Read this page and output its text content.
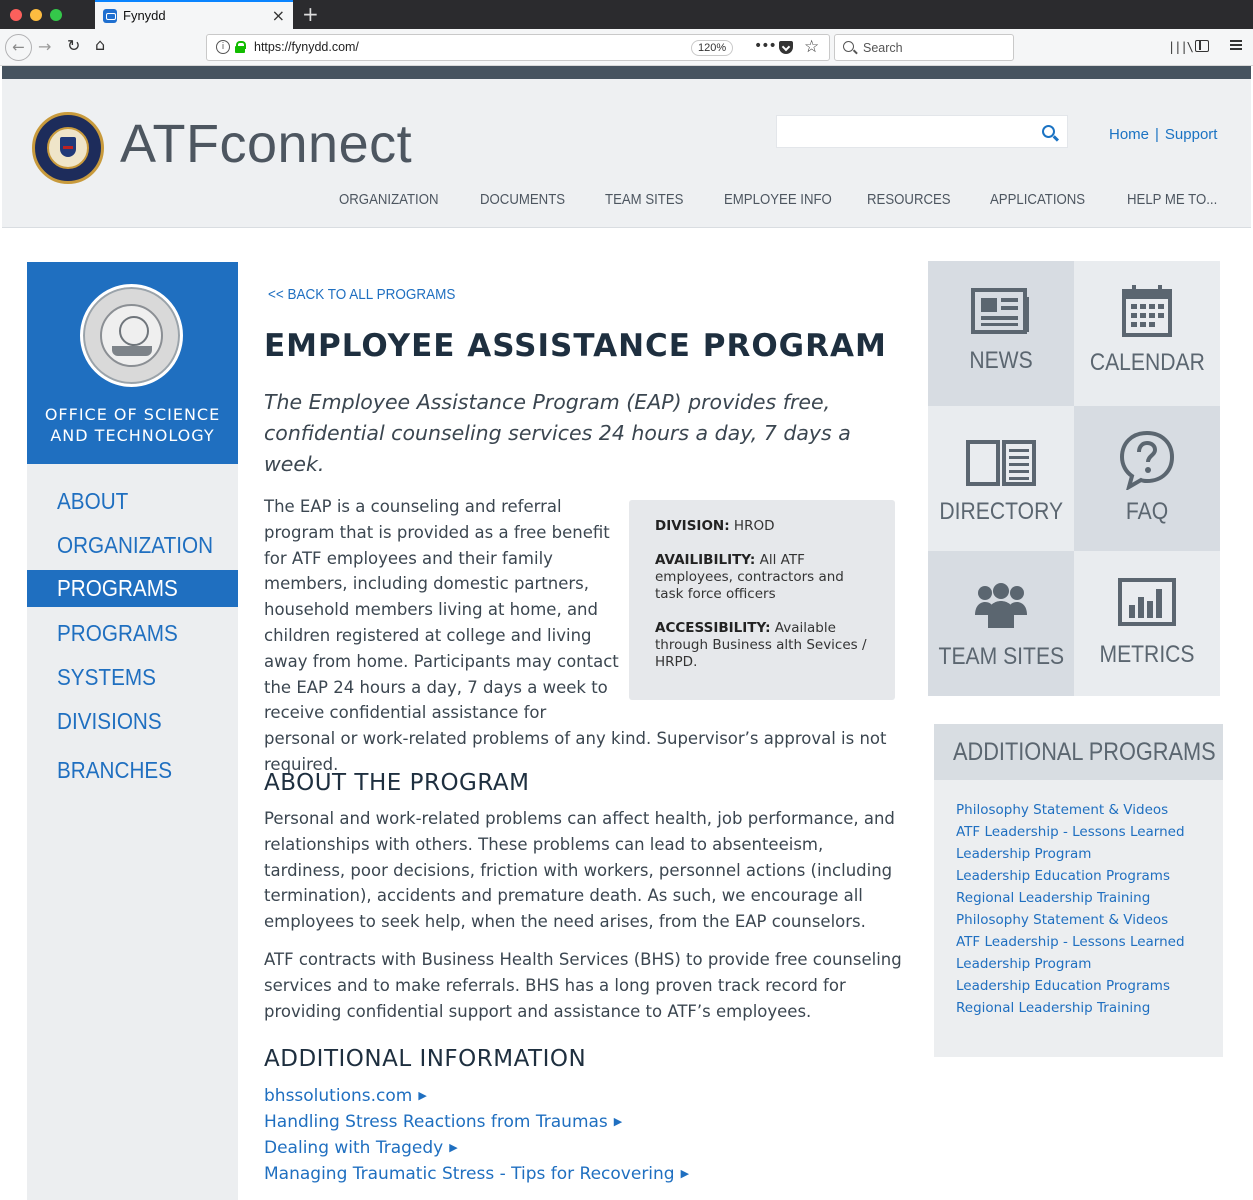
Fynydd	× +
← → ↻ ⌂	i	https://fynydd.com/	120%	••• ☆	Search	|||\
ATFconnect	Home | Support
ORGANIZATION	DOCUMENTS	TEAM SITES	EMPLOYEE INFO RESOURCES	APPLICATIONS	HELP ME TO...
OFFICE OF SCIENCE
AND TECHNOLOGY
ABOUT
ORGANIZATION
PROGRAMS
PROGRAMS
SYSTEMS
DIVISIONS
BRANCHES
<< BACK TO ALL PROGRAMS
EMPLOYEE ASSISTANCE PROGRAM
The Employee Assistance Program (EAP) provides free, confidential counseling services 24 hours a day, 7 days a week.
The EAP is a counseling and referral program that is provided as a free benefit for ATF employees and their family members, including domestic partners, household members living at home, and children registered at college and living away from home. Participants may contact the EAP 24 hours a day, 7 days a week to receive confidential assistance for personal or work-related problems of any kind. Supervisor’s approval is not required.

DIVISION: HROD

AVAILIBILITY: All ATF employees, contractors and task force officers

ACCESSIBILITY: Available through Business alth Sevices / HRPD.

ABOUT THE PROGRAM
Personal and work-related problems can affect health, job performance, and relationships with others. These problems can lead to absenteeism, tardiness, poor decisions, friction with workers, personnel actions (including termination), accidents and premature death. As such, we encourage all employees to seek help, when the need arises, from the EAP counselors.
ATF contracts with Business Health Services (BHS) to provide free counseling services and to make referrals. BHS has a long proven track record for providing confidential support and assistance to ATF’s employees.
ADDITIONAL INFORMATION
bhssolutions.com ▶
Handling Stress Reactions from Traumas ▶
Dealing with Tragedy ▶
Managing Traumatic Stress - Tips for Recovering ▶
NEWS	CALENDAR
DIRECTORY	FAQ
TEAM SITES	METRICS
ADDITIONAL PROGRAMS
Philosophy Statement & Videos
ATF Leadership - Lessons Learned
Leadership Program
Leadership Education Programs
Regional Leadership Training
Philosophy Statement & Videos
ATF Leadership - Lessons Learned
Leadership Program
Leadership Education Programs
Regional Leadership Training
